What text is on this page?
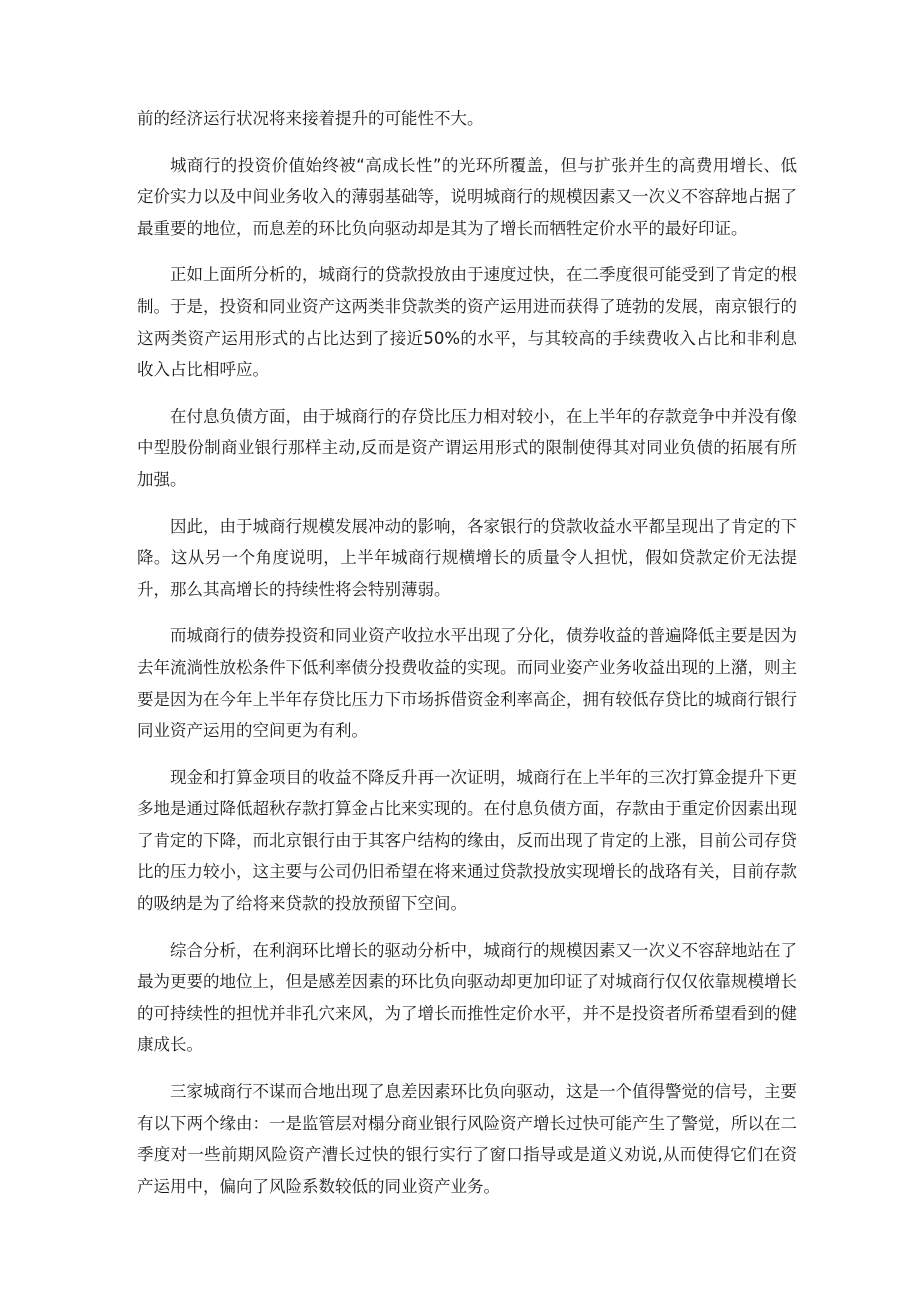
前的经济运行状况将来接着提升的可能性不大。

城商行的投资价值始终被“高成长性”的光环所覆盖，但与扩张并生的高费用增长、低定价实力以及中间业务收入的薄弱基础等，说明城商行的规模因素又一次义不容辞地占据了最重要的地位，而息差的环比负向驱动却是其为了增长而牺牲定价水平的最好印证。

正如上面所分析的，城商行的贷款投放由于速度过快，在二季度很可能受到了肯定的根制。于是，投资和同业资产这两类非贷款类的资产运用进而获得了琏勃的发展，南京银行的这两类资产运用形式的占比达到了接近50%的水平，与其较高的手续费收入占比和非利息收入占比相呼应。

在付息负债方面，由于城商行的存贷比压力相对较小，在上半年的存款竞争中并没有像中型股份制商业银行那样主动,反而是资产谓运用形式的限制使得其对同业负债的拓展有所加强。

因此，由于城商行规模发展冲动的影响，各家银行的贷款收益水平都呈现出了肯定的下降。这从另一个角度说明，上半年城商行规横增长的质量令人担忧，假如贷款定价无法提升，那么其高增长的持续性将会特别薄弱。

而城商行的债券投资和同业资产收拉水平出现了分化，债券收益的普遍降低主要是因为去年流淌性放松条件下低利率债分投费收益的实现。而同业姿产业务收益出现的上潴，则主要是因为在今年上半年存贷比压力下市场拆借资金利率高企，拥有较低存贷比的城商行银行同业资产运用的空间更为有利。

现金和打算金项目的收益不降反升再一次证明，城商行在上半年的三次打算金提升下更多地是通过降低超秋存款打算金占比来实现的。在付息负债方面，存款由于重定价因素出现了肯定的下降，而北京银行由于其客户结构的缘由，反而出现了肯定的上涨，目前公司存贷比的压力较小，这主要与公司仍旧希望在将来通过贷款投放实现增长的战珞有关，目前存款的吸纳是为了给将来贷款的投放预留下空间。

综合分析，在利润环比增长的驱动分析中，城商行的规模因素又一次义不容辞地站在了最为更要的地位上，但是感差因素的环比负向驱动却更加印证了对城商行仅仅依靠规模增长的可持续性的担忧并非孔穴来风，为了增长而推性定价水平，并不是投资者所希望看到的健康成长。

三家城商行不谋而合地出现了息差因素环比负向驱动，这是一个值得警觉的信号，主要有以下两个缘由：一是监管层对榻分商业银行风险资产增长过快可能产生了警觉，所以在二季度对一些前期风险资产漕长过快的银行实行了窗口指导或是道义劝说,从而使得它们在资产运用中，偏向了风险系数较低的同业资产业务。
